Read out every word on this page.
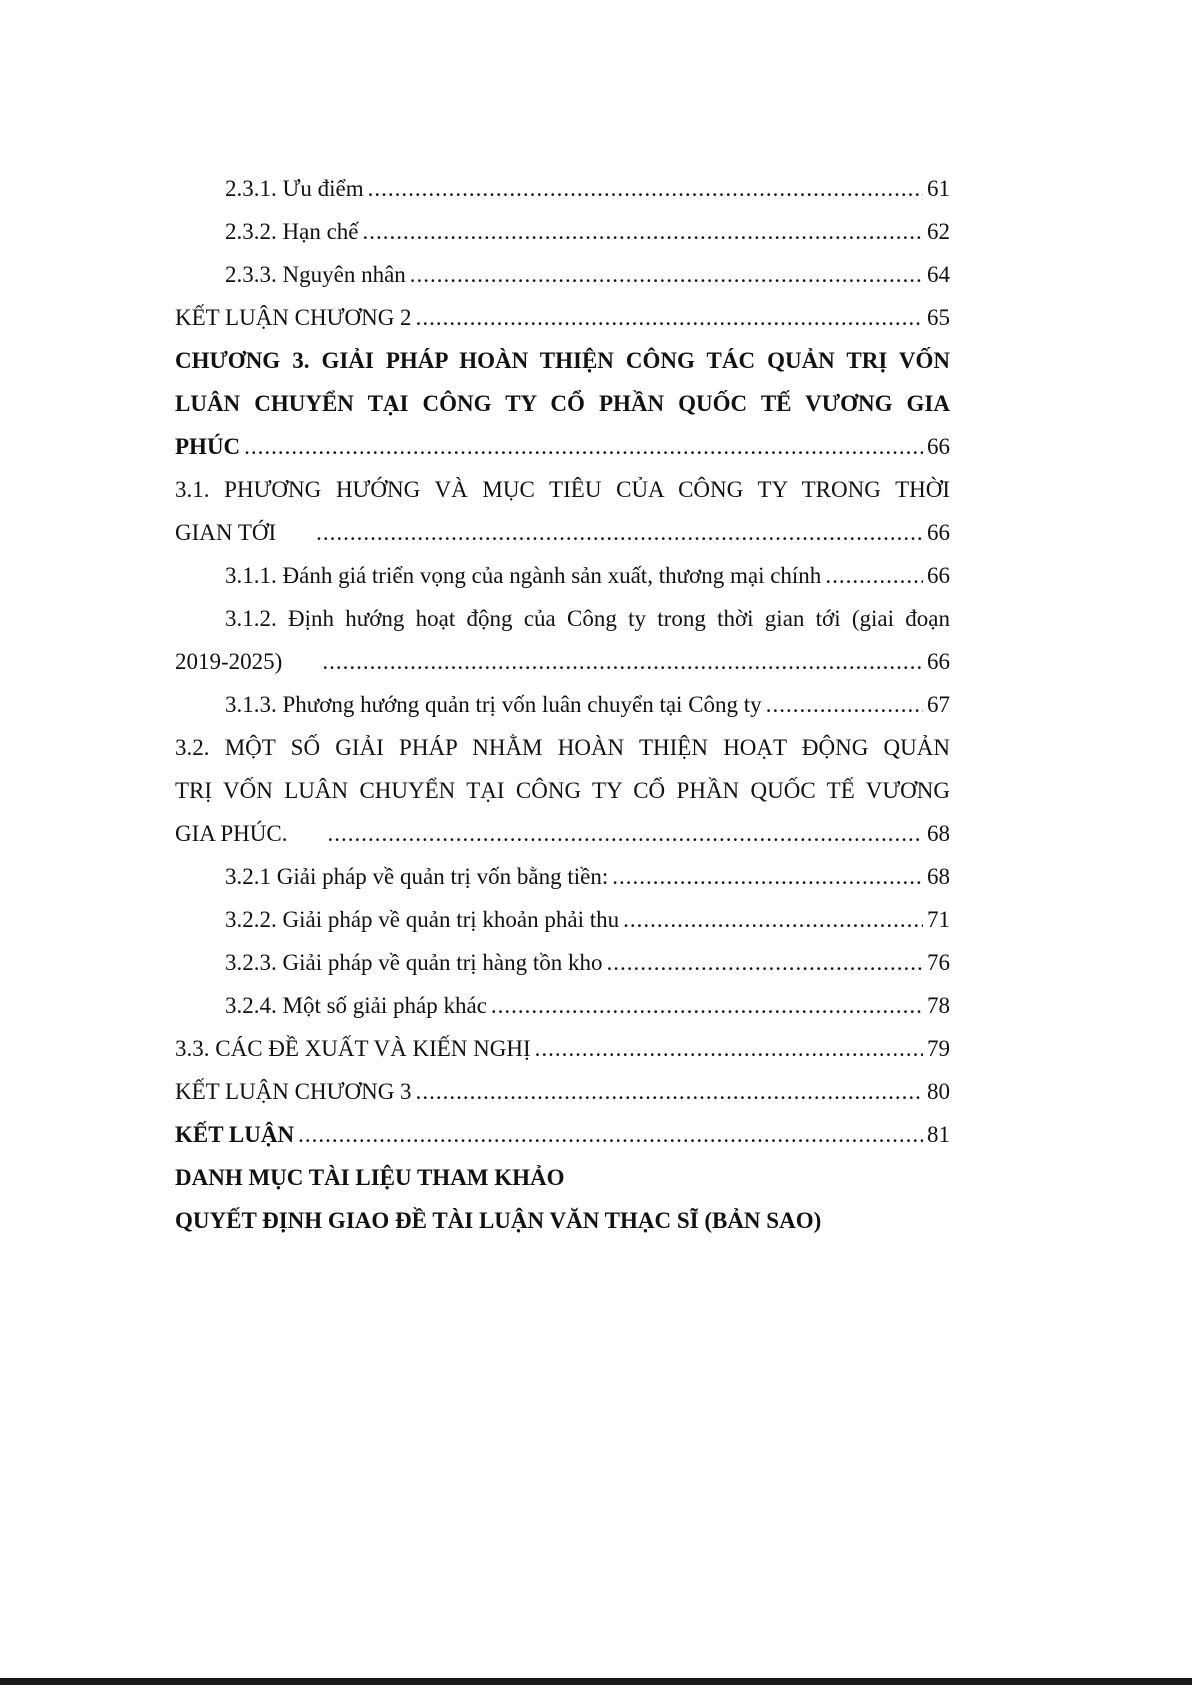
2.3.1. Ưu điểm .....	61
2.3.2. Hạn chế .....	62
2.3.3. Nguyên nhân .....	64
KẾT LUẬN CHƯƠNG 2 .....	65
CHƯƠNG 3. GIẢI PHÁP HOÀN THIỆN CÔNG TÁC QUẢN TRỊ VỐN
LUÂN CHUYỂN TẠI CÔNG TY CỔ PHẦN QUỐC TẾ VƯƠNG GIA
PHÚC .....	66
3.1. PHƯƠNG HƯỚNG VÀ MỤC TIÊU CỦA CÔNG TY TRONG THỜI
GIAN TỚI .....	66
3.1.1. Đánh giá triển vọng của ngành sản xuất, thương mại chính .....	66
3.1.2. Định hướng hoạt động của Công ty trong thời gian tới (giai đoạn
2019-2025) .....	66
3.1.3. Phương hướng quản trị vốn luân chuyển tại Công ty .....	67
3.2. MỘT SỐ GIẢI PHÁP NHẰM HOÀN THIỆN HOẠT ĐỘNG QUẢN
TRỊ VỐN LUÂN CHUYỂN TẠI CÔNG TY CỔ PHẦN QUỐC TẾ VƯƠNG
GIA PHÚC. .....	68
3.2.1 Giải pháp về quản trị vốn bằng tiền: .....	68
3.2.2. Giải pháp về quản trị khoản phải thu .....	71
3.2.3. Giải pháp về quản trị hàng tồn kho .....	76
3.2.4. Một số giải pháp khác .....	78
3.3. CÁC ĐỀ XUẤT VÀ KIẾN NGHỊ .....	79
KẾT LUẬN CHƯƠNG 3 .....	80
KẾT LUẬN .....	81
DANH MỤC TÀI LIỆU THAM KHẢO
QUYẾT ĐỊNH GIAO ĐỀ TÀI LUẬN VĂN THẠC SĨ (BẢN SAO)
